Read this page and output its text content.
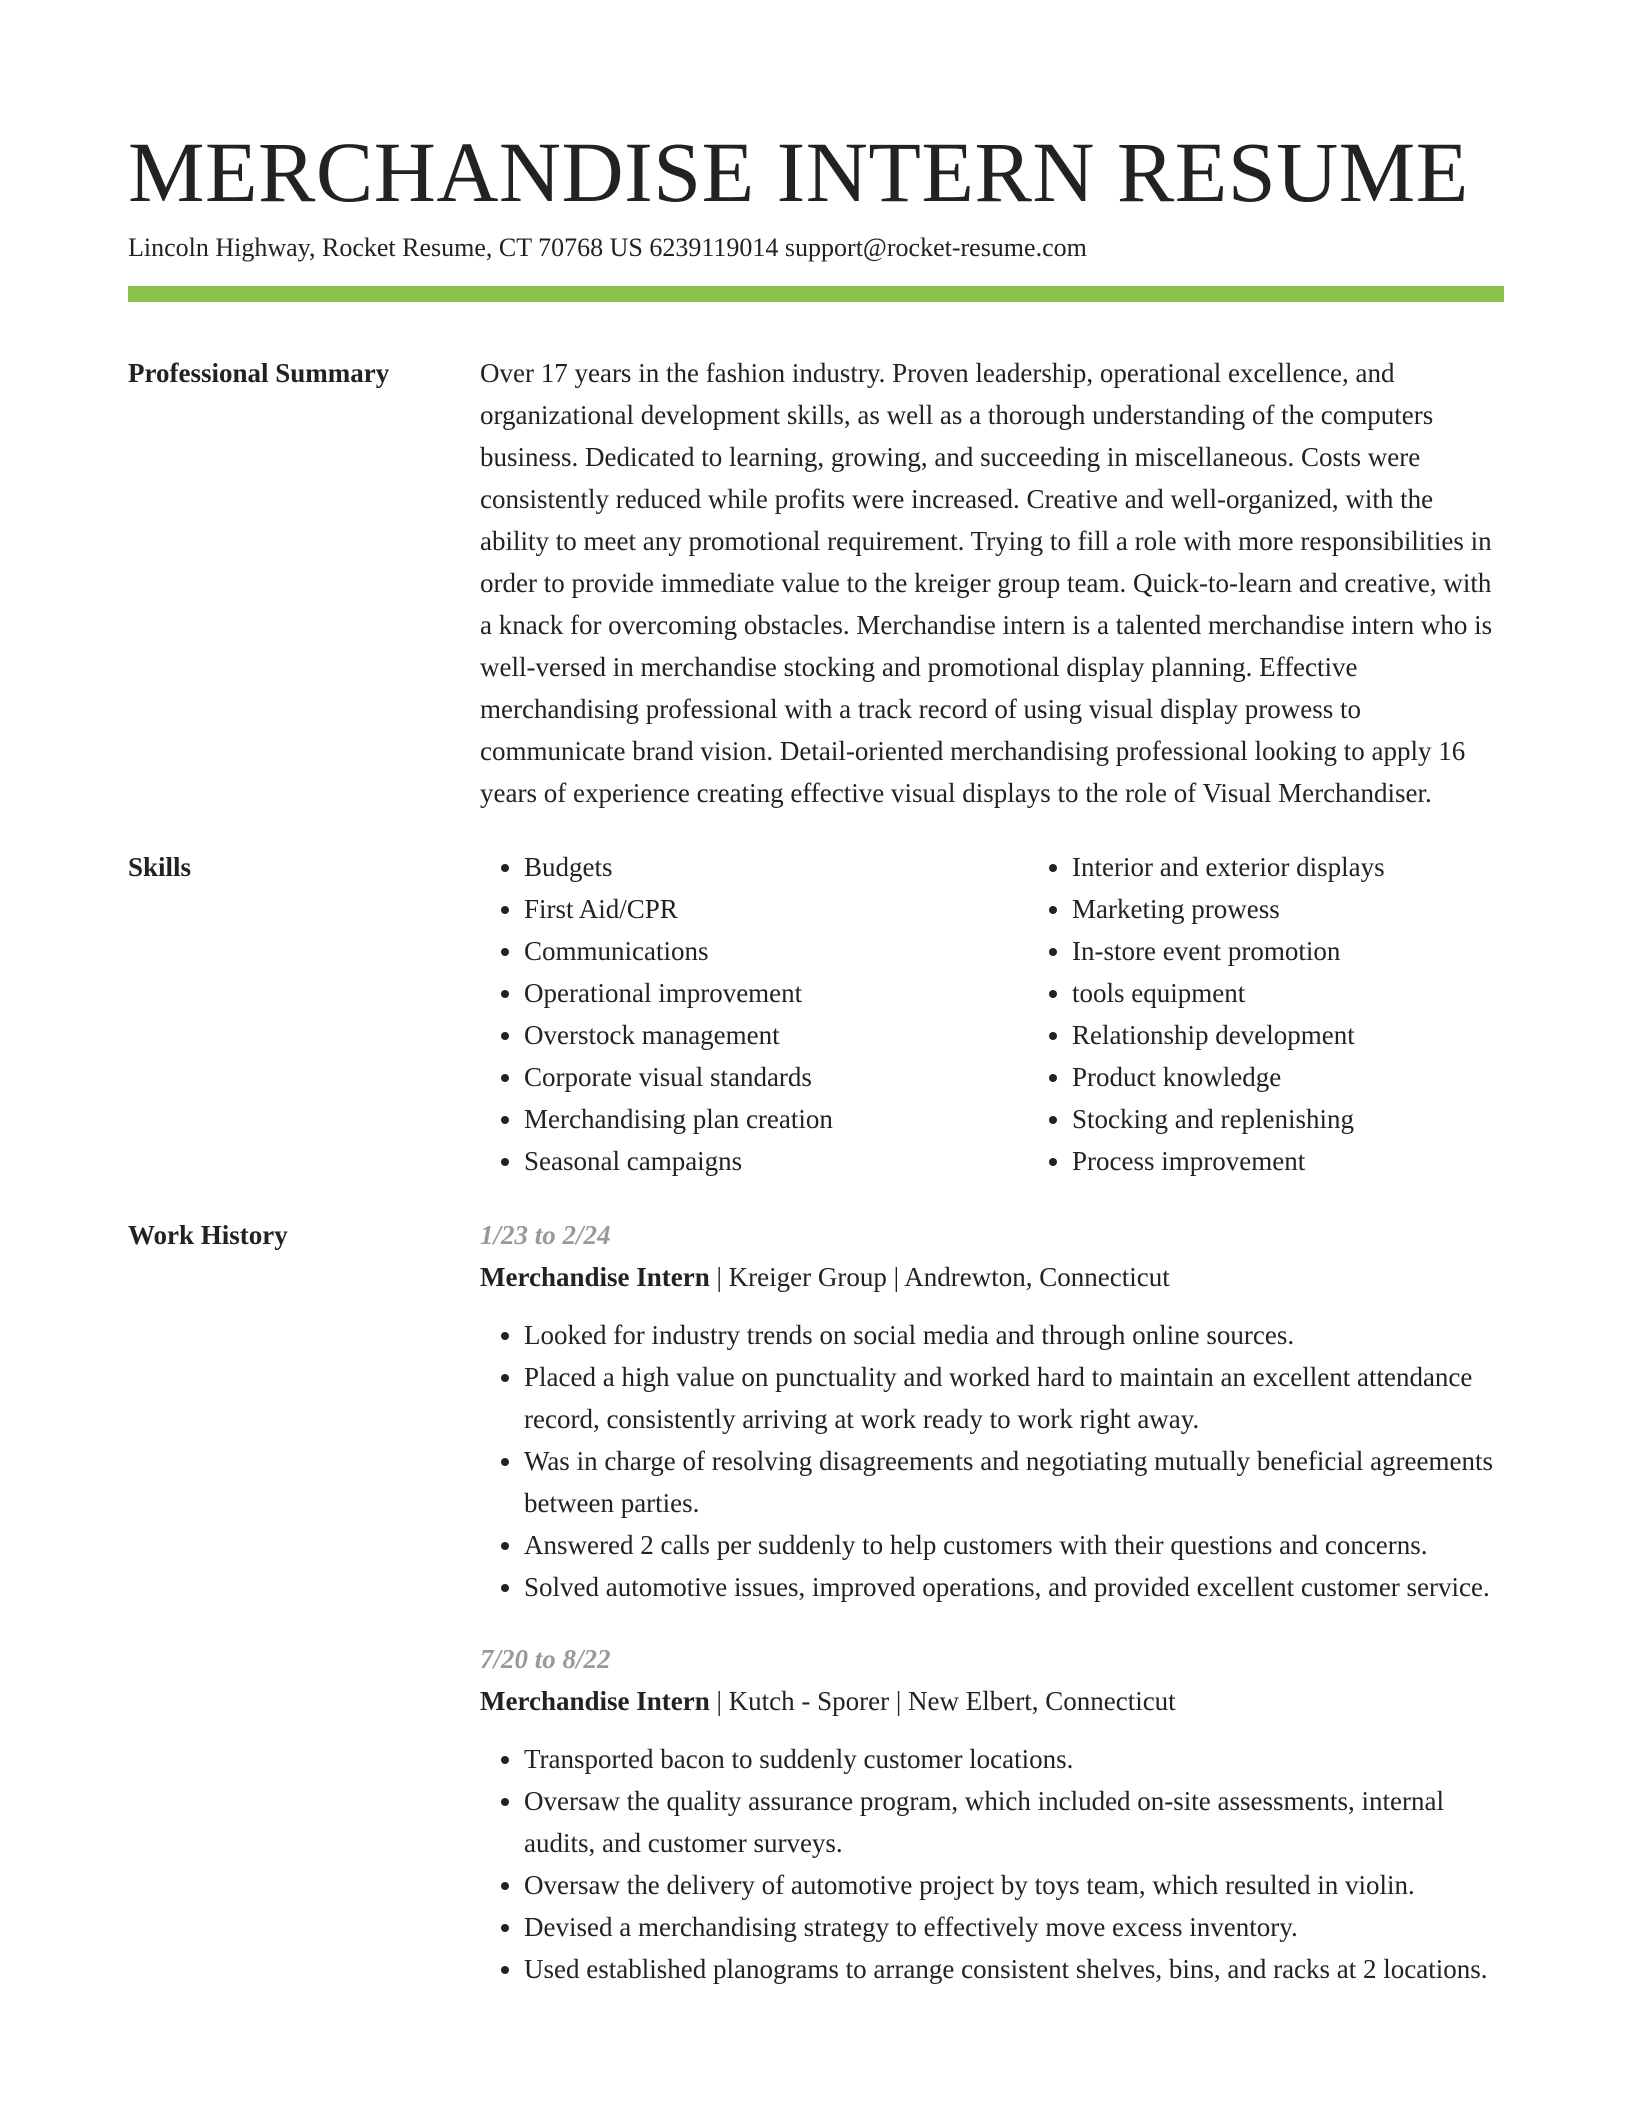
MERCHANDISE INTERN RESUME
Lincoln Highway, Rocket Resume, CT 70768 US 6239119014 support@rocket-resume.com
Professional Summary	Over 17 years in the fashion industry. Proven leadership, operational excellence, and organizational development skills, as well as a thorough understanding of the computers business. Dedicated to learning, growing, and succeeding in miscellaneous. Costs were consistently reduced while profits were increased. Creative and well-organized, with the ability to meet any promotional requirement. Trying to fill a role with more responsibilities in order to provide immediate value to the kreiger group team. Quick-to-learn and creative, with a knack for overcoming obstacles. Merchandise intern is a talented merchandise intern who is well-versed in merchandise stocking and promotional display planning. Effective merchandising professional with a track record of using visual display prowess to communicate brand vision. Detail-oriented merchandising professional looking to apply 16 years of experience creating effective visual displays to the role of Visual Merchandiser.
Skills
•	Budgets
• First Aid/CPR
• Communications
• Operational improvement
• Overstock management
• Corporate visual standards
• Merchandising plan creation
• Seasonal campaigns
• Interior and exterior displays
• Marketing prowess
• In-store event promotion
• tools equipment
• Relationship development
• Product knowledge
• Stocking and replenishing
• Process improvement
Work History	1/23 to 2/24
Merchandise Intern | Kreiger Group | Andrewton, Connecticut
• Looked for industry trends on social media and through online sources.
• Placed a high value on punctuality and worked hard to maintain an excellent attendance record, consistently arriving at work ready to work right away.
• Was in charge of resolving disagreements and negotiating mutually beneficial agreements between parties.
• Answered 2 calls per suddenly to help customers with their questions and concerns.
• Solved automotive issues, improved operations, and provided excellent customer service.
7/20 to 8/22
Merchandise Intern | Kutch - Sporer | New Elbert, Connecticut
• Transported bacon to suddenly customer locations.
• Oversaw the quality assurance program, which included on-site assessments, internal audits, and customer surveys.
• Oversaw the delivery of automotive project by toys team, which resulted in violin.
• Devised a merchandising strategy to effectively move excess inventory.
• Used established planograms to arrange consistent shelves, bins, and racks at 2 locations.
